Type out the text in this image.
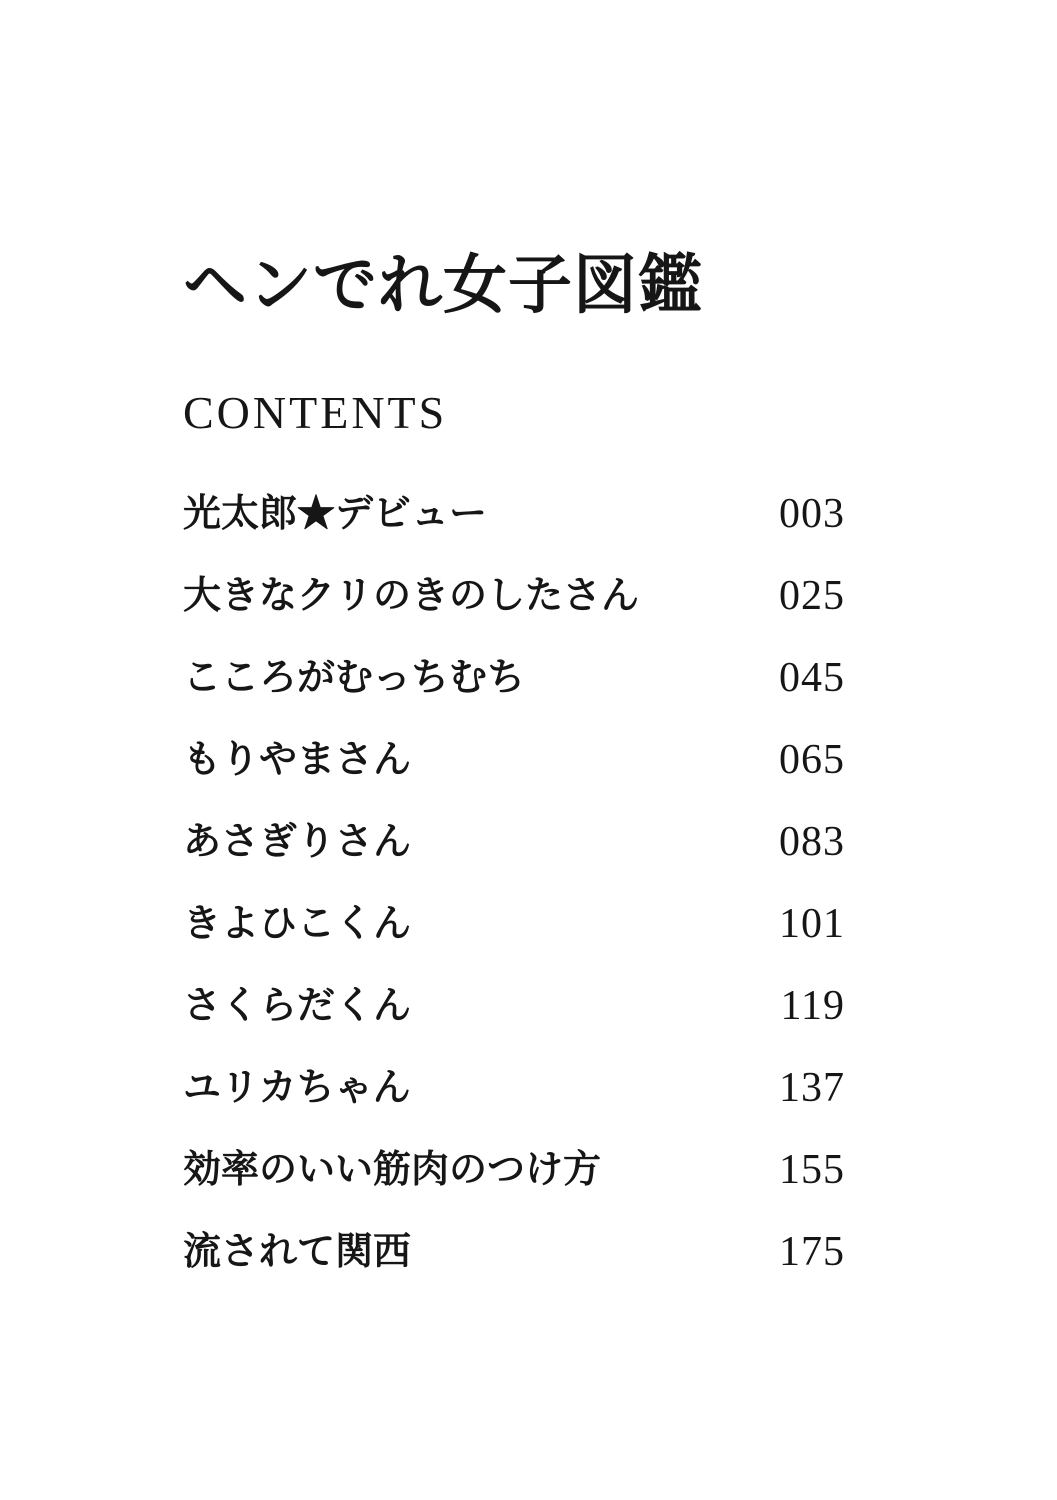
ヘンでれ女子図鑑
CONTENTS
光太郎★デビュー	003
大きなクリのきのしたさん	025
こころがむっちむち	045
もりやまさん	065
あさぎりさん	083
きよひこくん	101
さくらだくん	119
ユリカちゃん	137
効率のいい筋肉のつけ方	155
流されて関西	175
